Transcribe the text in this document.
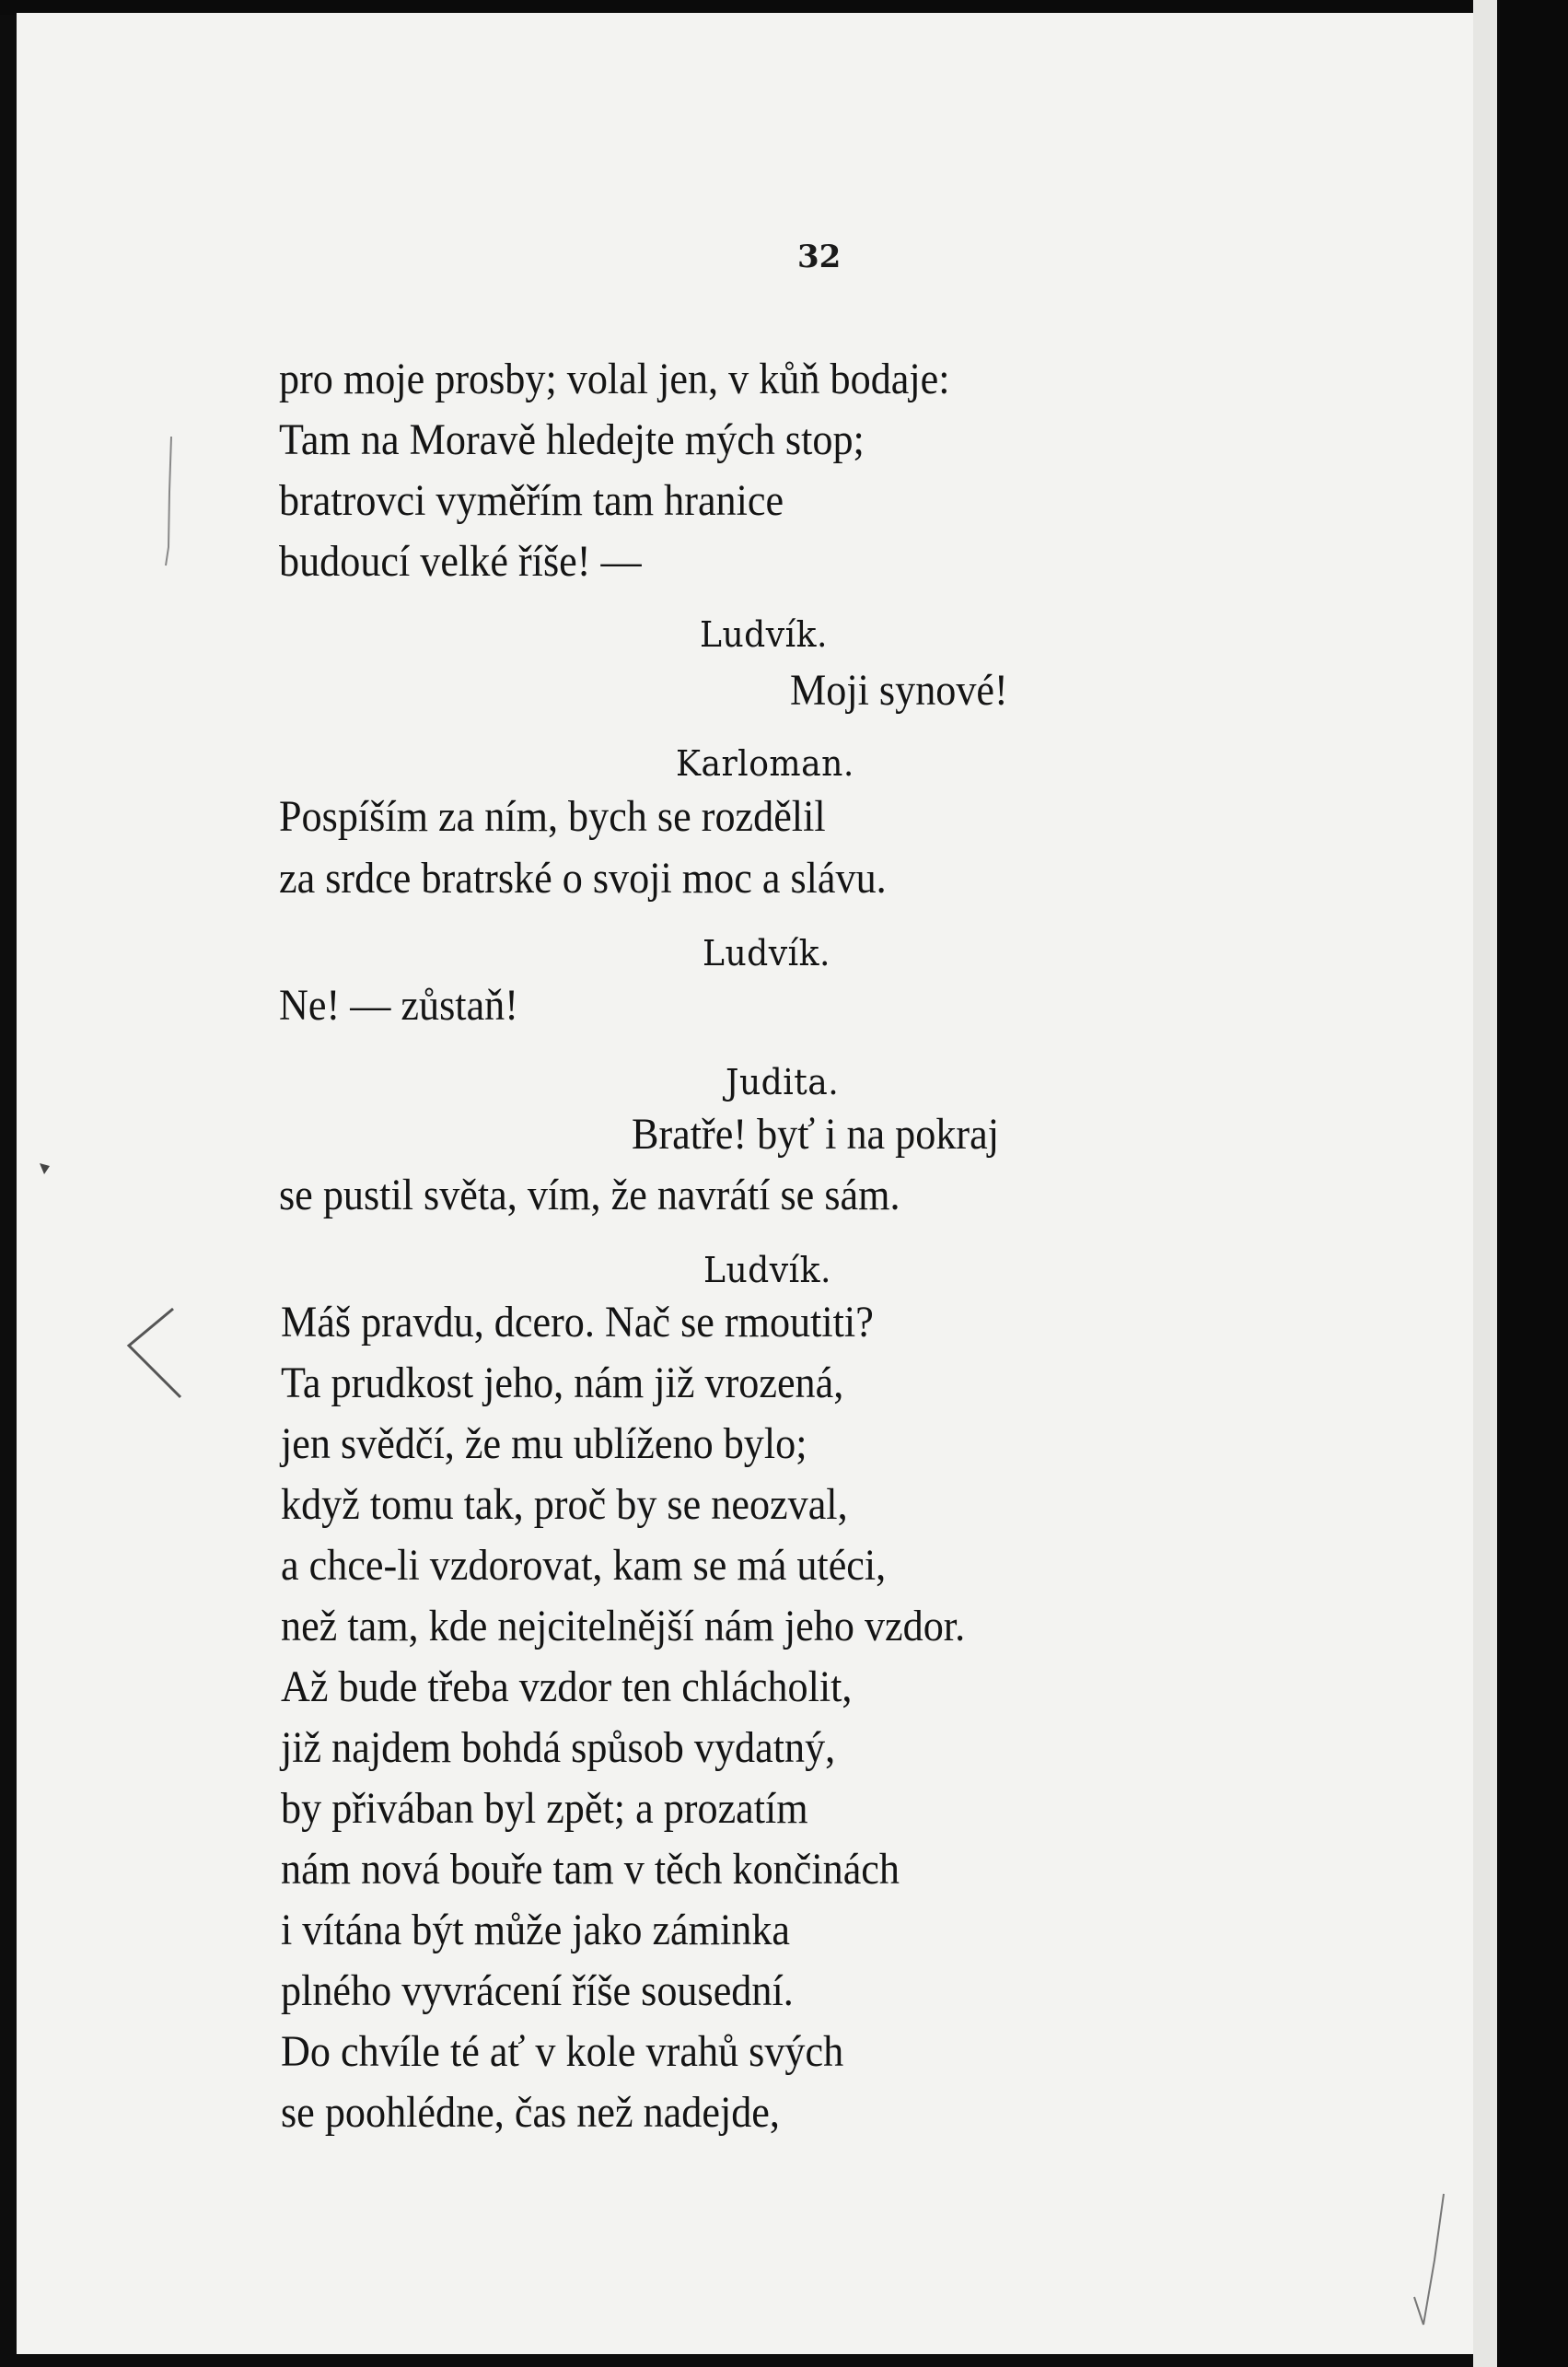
32
pro moje prosby; volal jen, v kůň bodaje:
Tam na Moravě hledejte mých stop;
bratrovci vyměřím tam hranice
budoucí velké říše! —
Ludvík.
Moji synové!
Karloman.
Pospíším za ním, bych se rozdělil
za srdce bratrské o svoji moc a slávu.
Ludvík.
Ne! — zůstaň!
Judita.
Bratře! byť i na pokraj
se pustil světa, vím, že navrátí se sám.
Ludvík.
Máš pravdu, dcero. Nač se rmoutiti?
Ta prudkost jeho, nám již vrozená,
jen svědčí, že mu ublíženo bylo;
když tomu tak, proč by se neozval,
a chce-li vzdorovat, kam se má utéci,
než tam, kde nejcitelnější nám jeho vzdor.
Až bude třeba vzdor ten chlácholit,
již najdem bohdá spůsob vydatný,
by přivában byl zpět; a prozatím
nám nová bouře tam v těch končinách
i vítána být může jako záminka
plného vyvrácení říše sousední.
Do chvíle té ať v kole vrahů svých
se poohlédne, čas než nadejde,
